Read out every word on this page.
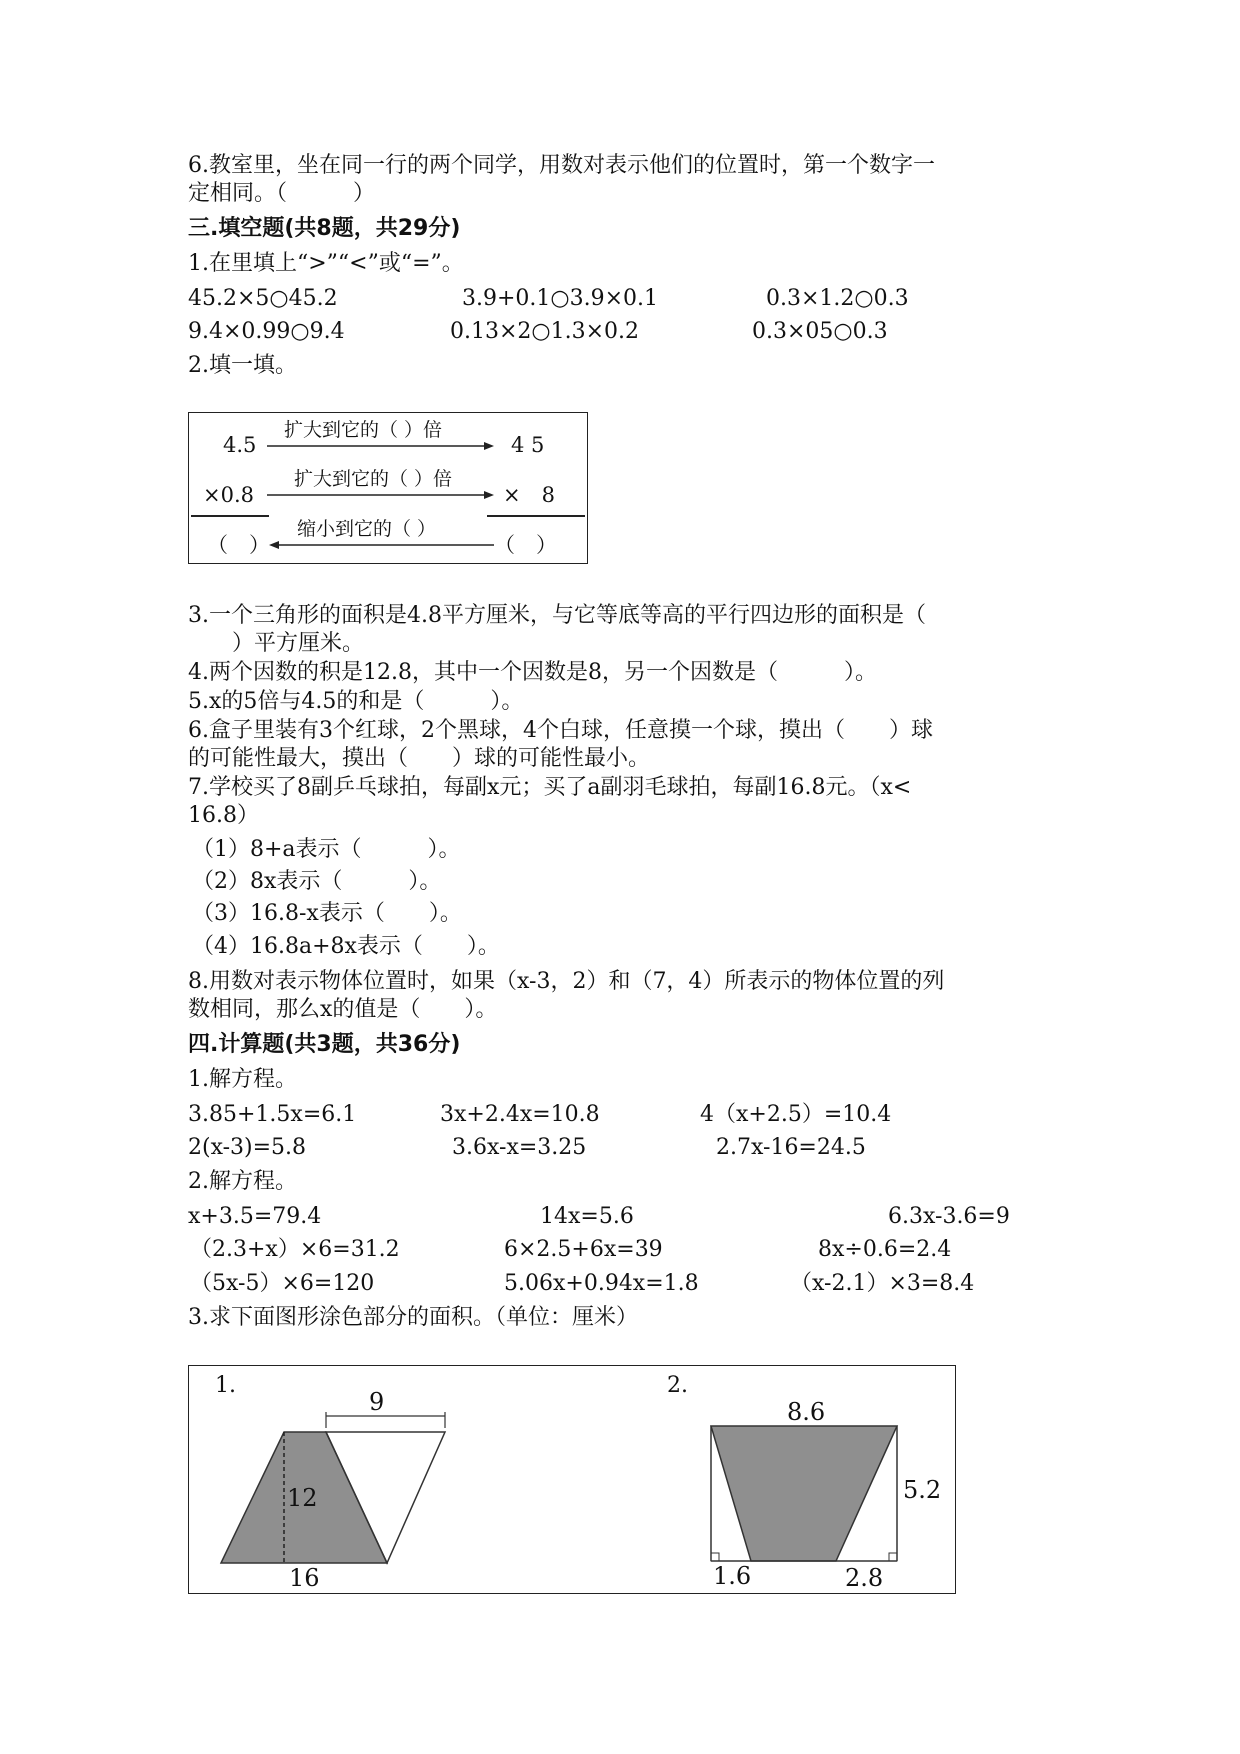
6.教室里，坐在同一行的两个同学，用数对表示他们的位置时，第一个数字一
定相同。（　　　）
三.填空题(共8题，共29分)
1.在里填上“>”“<”或“=”。
45.2×5○45.2	3.9+0.1○3.9×0.1	0.3×1.2○0.3
9.4×0.99○9.4	0.13×2○1.3×0.2	0.3×05○0.3
2.填一填。
4.5	4 5
扩大到它的（ ）倍
×0.8	×　8
扩大到它的（ ）倍
缩小到它的（ ）
（　）	（　）
3.一个三角形的面积是4.8平方厘米，与它等底等高的平行四边形的面积是（
　　）平方厘米。
4.两个因数的积是12.8，其中一个因数是8，另一个因数是（　　　）。
5.x的5倍与4.5的和是（　　　）。
6.盒子里装有3个红球，2个黑球，4个白球，任意摸一个球，摸出（　　）球
的可能性最大，摸出（　　）球的可能性最小。
7.学校买了8副乒乓球拍，每副x元；买了a副羽毛球拍，每副16.8元。（x<
16.8）
（1）8+a表示（　　　）。
（2）8x表示（　　　）。
（3）16.8-x表示（　　）。
（4）16.8a+8x表示（　　）。
8.用数对表示物体位置时，如果（x-3，2）和（7，4）所表示的物体位置的列
数相同，那么x的值是（　　）。
四.计算题(共3题，共36分)
1.解方程。
3.85+1.5x=6.1	3x+2.4x=10.8	4（x+2.5）=10.4
2(x-3)=5.8	3.6x-x=3.25	2.7x-16=24.5
2.解方程。
x+3.5=79.4	14x=5.6	6.3x-3.6=9
（2.3+x）×6=31.2	6×2.5+6x=39	8x÷0.6=2.4
（5x-5）×6=120	5.06x+0.94x=1.8	（x-2.1）×3=8.4
3.求下面图形涂色部分的面积。（单位：厘米）
1.	2.
9
12
16
8.6
5.2
1.6	2.8
